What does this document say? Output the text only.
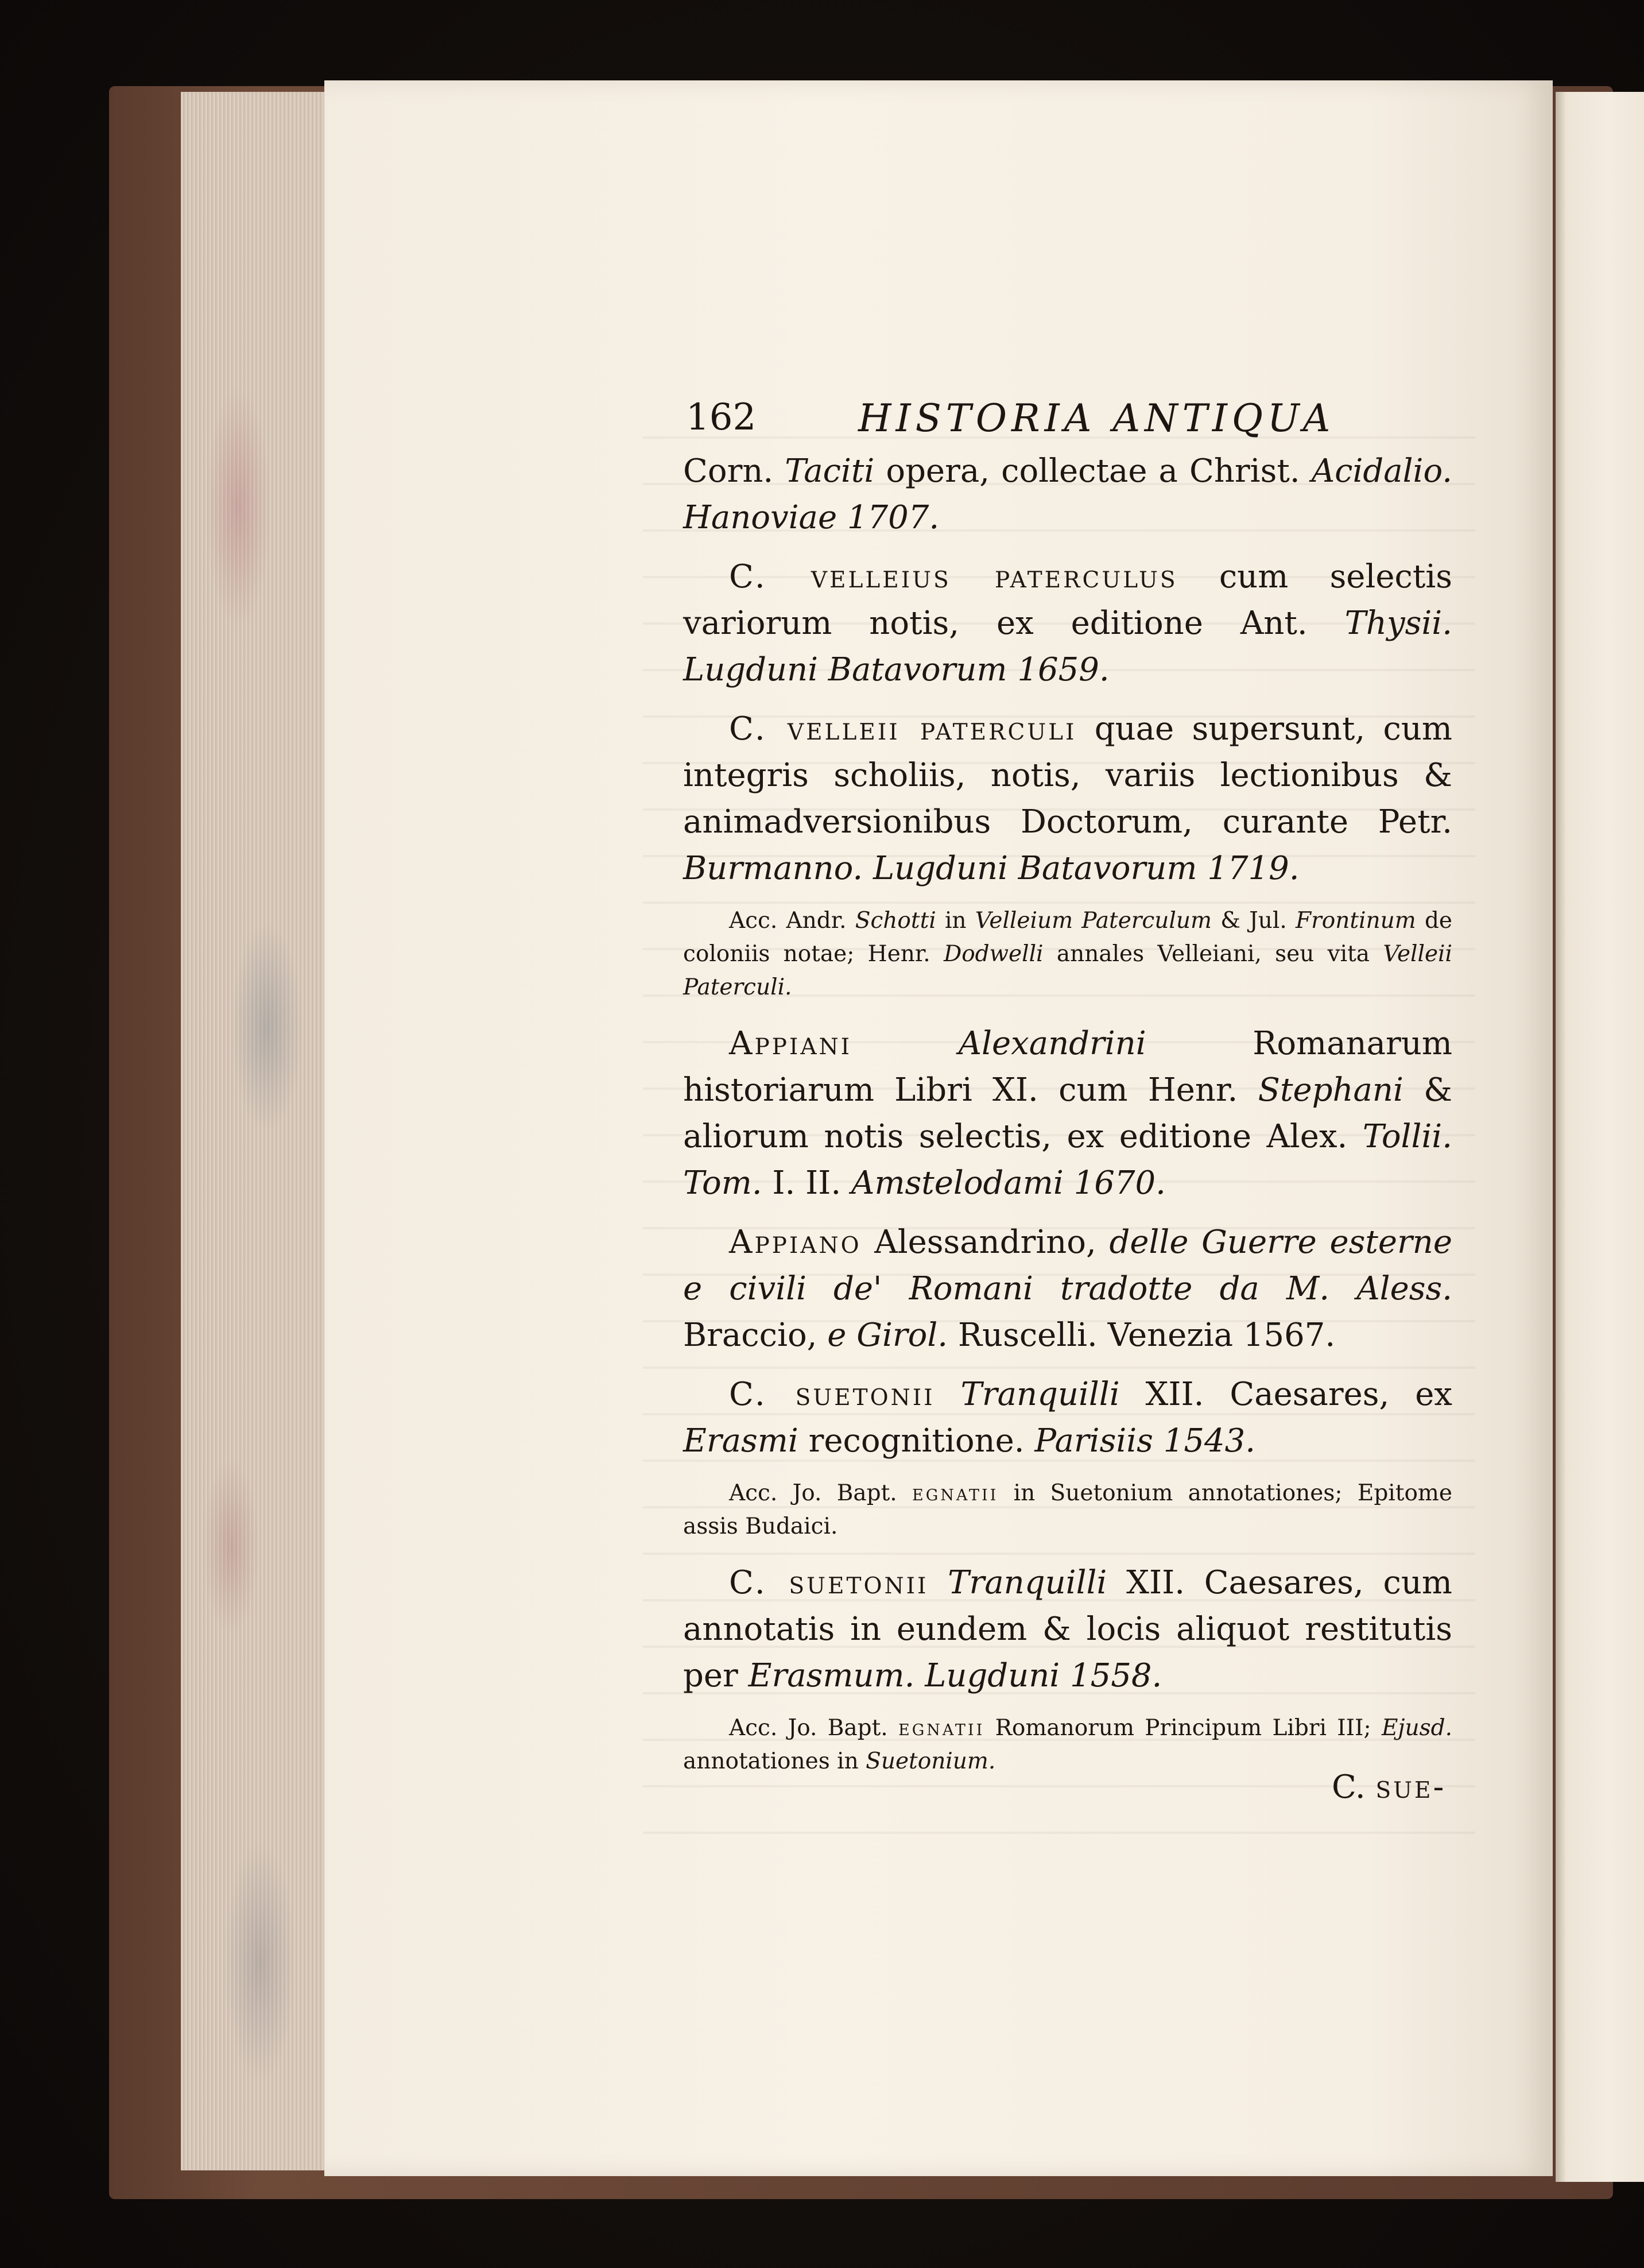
162	HISTORIA ANTIQUA

Corn. Taciti opera, collectae a Christ. Acidalio. Hanoviae 1707.

C. velleius paterculus cum selectis variorum notis, ex editione Ant. Thysii. Lugduni Batavorum 1659.

C. velleii paterculi quae supersunt, cum integris scholiis, notis, variis lectionibus & animadversionibus Doctorum, curante Petr. Burmanno. Lugduni Batavorum 1719.

Acc. Andr. Schotti in Velleium Paterculum & Jul. Frontinum de coloniis notae; Henr. Dodwelli annales Velleiani, seu vita Velleii Paterculi.

Appiani Alexandrini Romanarum historiarum Libri XI. cum Henr. Stephani & aliorum notis selectis, ex editione Alex. Tollii. Tom. I. II. Amstelodami 1670.

Appiano Alessandrino, delle Guerre esterne e civili de' Romani tradotte da M. Aless. Braccio, e Girol. Ruscelli. Venezia 1567.

C. suetonii Tranquilli XII. Caesares, ex Erasmi recognitione. Parisiis 1543.

Acc. Jo. Bapt. egnatii in Suetonium annotationes; Epitome assis Budaici.

C. suetonii Tranquilli XII. Caesares, cum annotatis in eundem & locis aliquot restitutis per Erasmum. Lugduni 1558.

Acc. Jo. Bapt. egnatii Romanorum Principum Libri III; Ejusd. annotationes in Suetonium.

C. sue-
